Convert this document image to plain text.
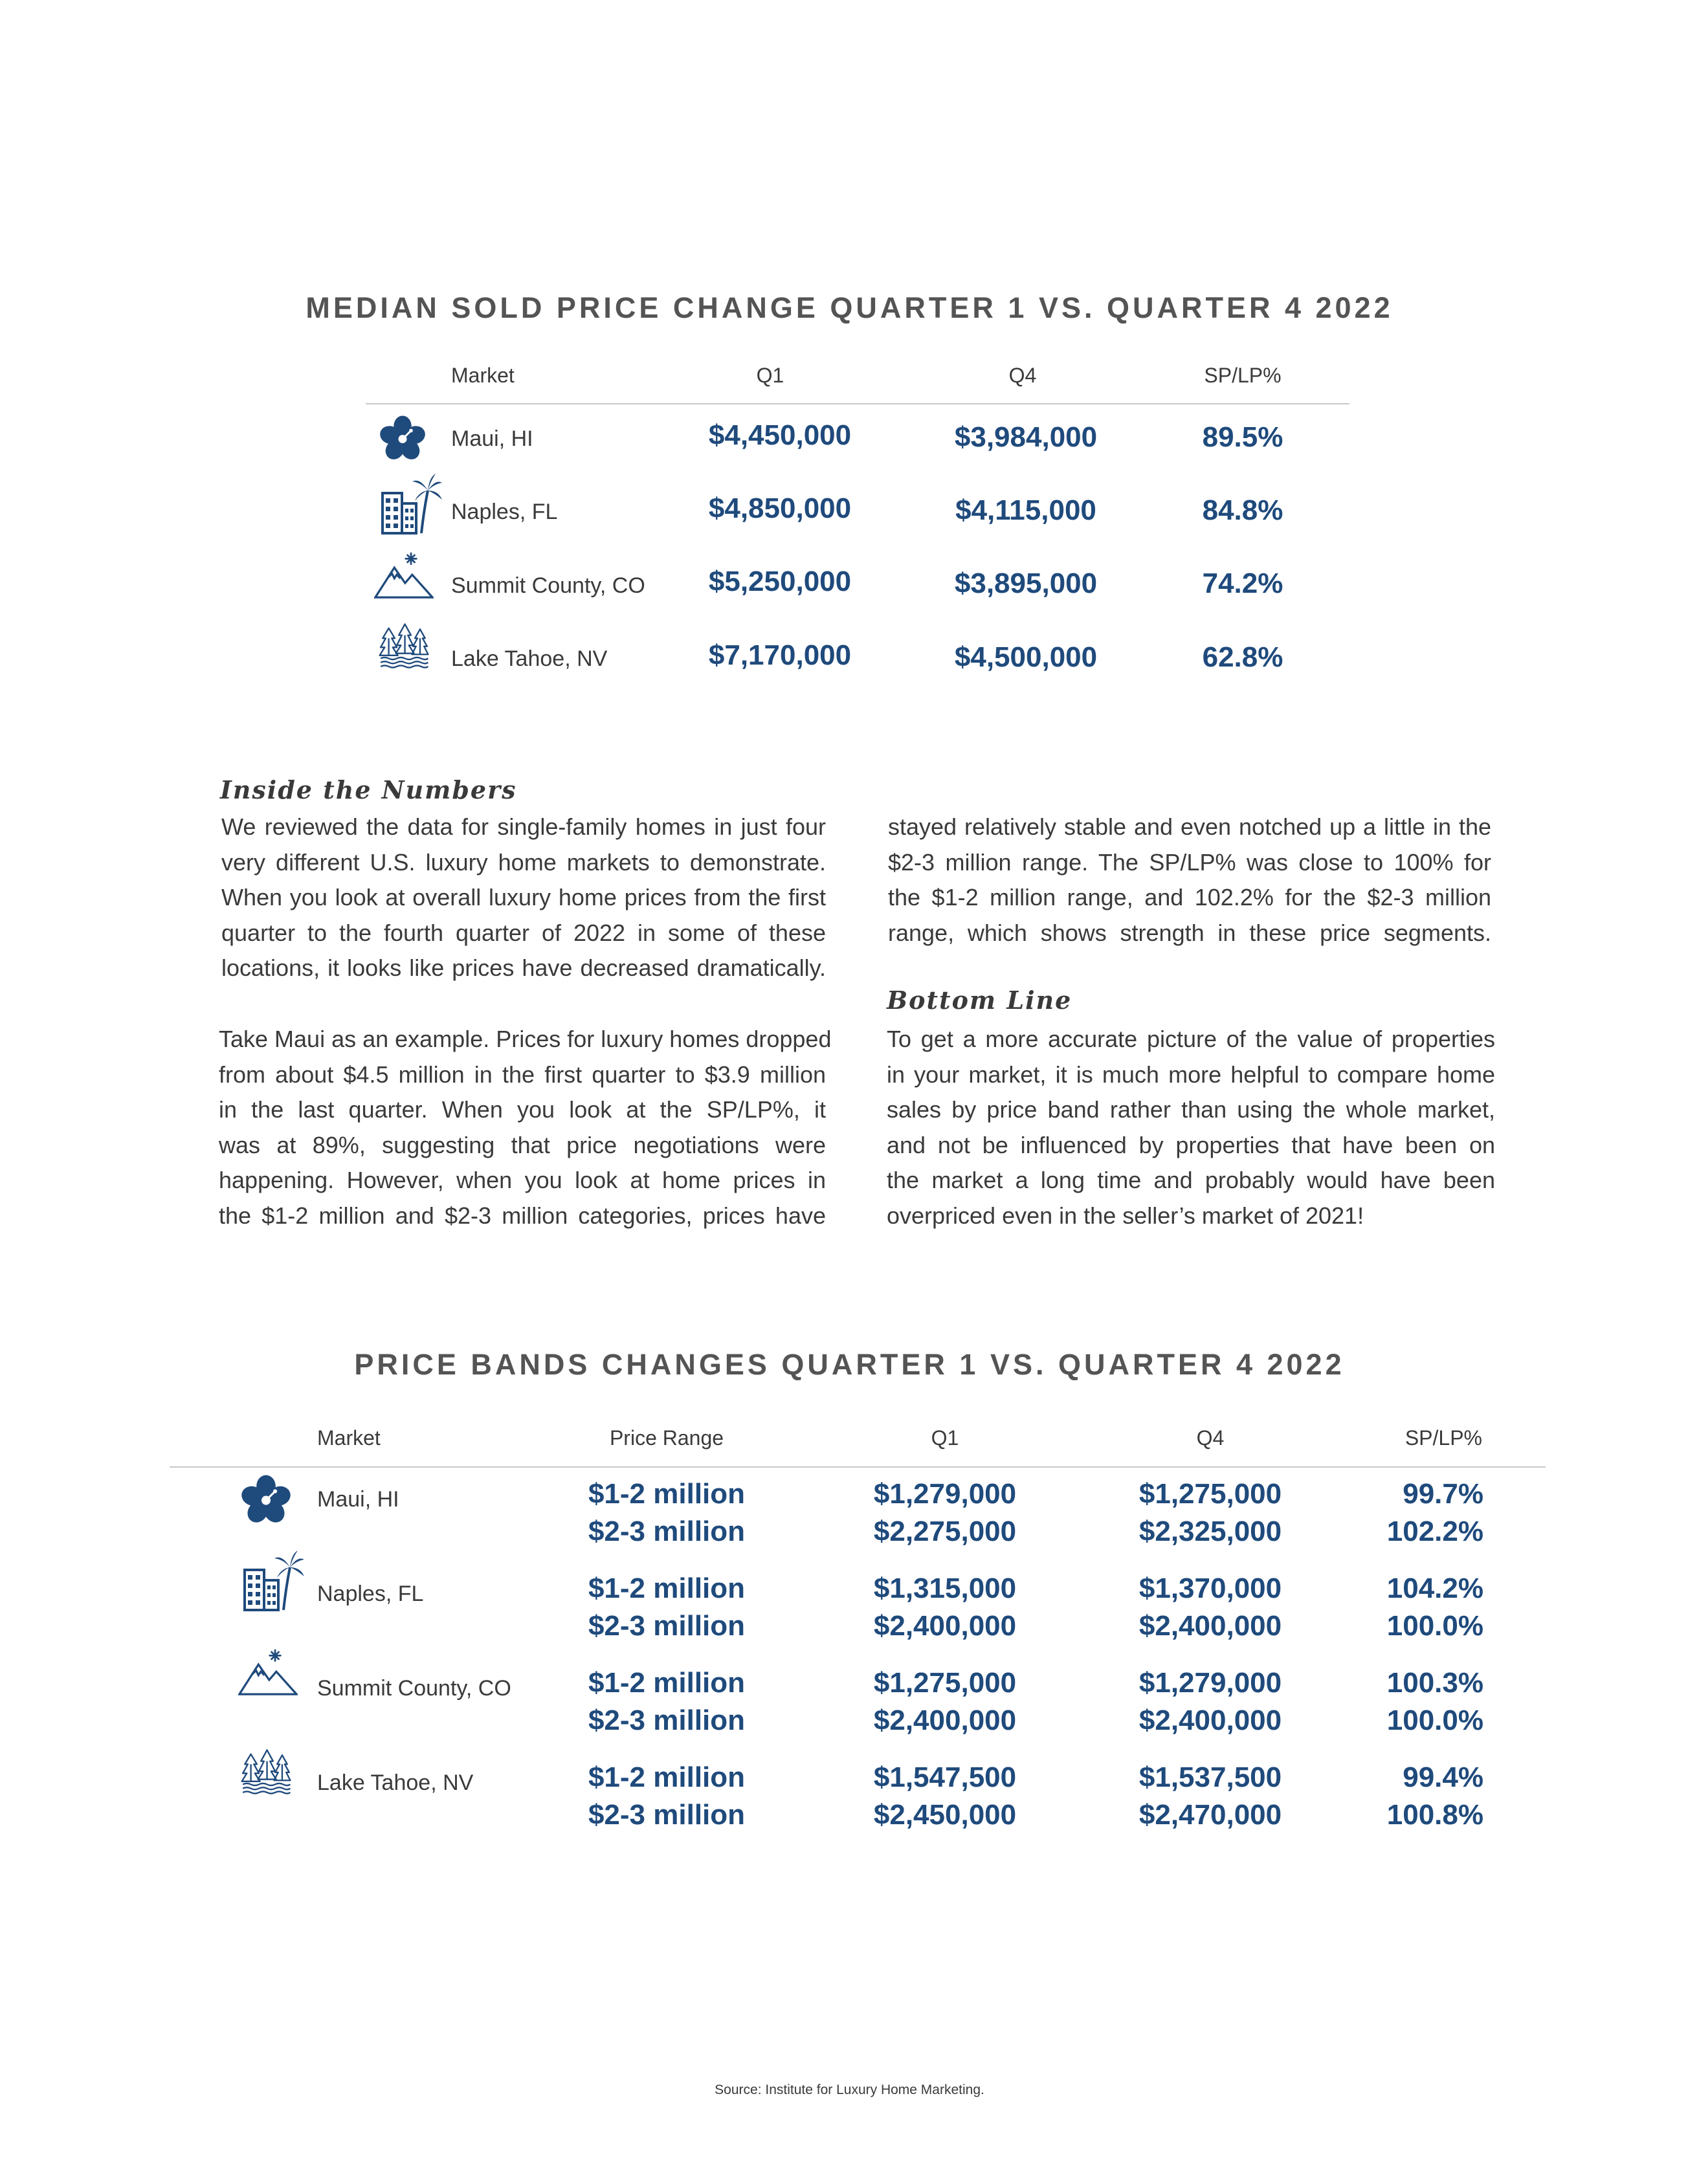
MEDIAN SOLD PRICE CHANGE QUARTER 1 VS. QUARTER 4 2022
Market	Q1	Q4	SP/LP%
Maui, HI	$4,450,000	$3,984,000	89.5%
Naples, FL	$4,850,000	$4,115,000	84.8%
Summit County, CO	$5,250,000	$3,895,000	74.2%
Lake Tahoe, NV	$7,170,000	$4,500,000	62.8%
Inside the Numbers
We reviewed the data for single-family homes in just four
very different U.S. luxury home markets to demonstrate.
When you look at overall luxury home prices from the first
quarter to the fourth quarter of 2022 in some of these
locations, it looks like prices have decreased dramatically.
Take Maui as an example. Prices for luxury homes dropped
from about $4.5 million in the first quarter to $3.9 million
in the last quarter. When you look at the SP/LP%, it
was at 89%, suggesting that price negotiations were
happening. However, when you look at home prices in
the $1-2 million and $2-3 million categories, prices have
stayed relatively stable and even notched up a little in the
$2-3 million range. The SP/LP% was close to 100% for
the $1-2 million range, and 102.2% for the $2-3 million
range, which shows strength in these price segments.
Bottom Line
To get a more accurate picture of the value of properties
in your market, it is much more helpful to compare home
sales by price band rather than using the whole market,
and not be influenced by properties that have been on
the market a long time and probably would have been
overpriced even in the seller’s market of 2021!
PRICE BANDS CHANGES QUARTER 1 VS. QUARTER 4 2022
Market	Price Range	Q1	Q4	SP/LP%
Maui, HI	$1-2 million	$1,279,000	$1,275,000	99.7%
$2-3 million	$2,275,000	$2,325,000	102.2%
Naples, FL	$1-2 million	$1,315,000	$1,370,000	104.2%
$2-3 million	$2,400,000	$2,400,000	100.0%
Summit County, CO	$1-2 million	$1,275,000	$1,279,000	100.3%
$2-3 million	$2,400,000	$2,400,000	100.0%
Lake Tahoe, NV	$1-2 million	$1,547,500	$1,537,500	99.4%
$2-3 million	$2,450,000	$2,470,000	100.8%
Source: Institute for Luxury Home Marketing.
